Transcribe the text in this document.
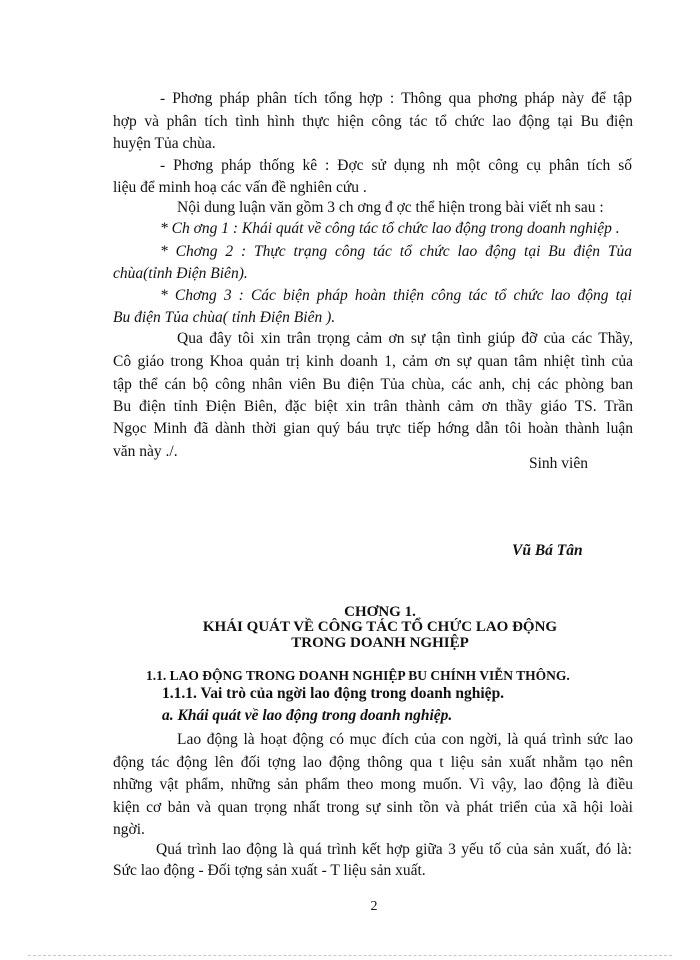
- Phơng pháp phân tích tổng hợp : Thông qua phơng pháp này để tập
hợp và phân tích tình hình thực hiện công tác tổ chức lao động tại Bu điện
huyện Tủa chùa.
- Phơng pháp thống kê : Đợc sử dụng nh một công cụ phân tích số
liệu để minh hoạ các vấn đề nghiên cứu .
Nội dung luận văn gồm 3 ch ơng đ ợc thể hiện trong bài viết nh sau :
* Ch ơng 1 : Khái quát về công tác tổ chức lao động trong doanh nghiệp .
* Chơng 2 : Thực trạng công tác tổ chức lao động tại Bu điện Tủa
chùa(tỉnh Điện Biên).
* Chơng 3 : Các biện pháp hoàn thiện công tác tổ chức lao động tại
Bu điện Tủa chùa( tỉnh Điện Biên ).
Qua đây tôi xin trân trọng cảm ơn sự tận tình giúp đỡ của các Thầy,
Cô giáo trong Khoa quản trị kinh doanh 1, cảm ơn sự quan tâm nhiệt tình của
tập thể cán bộ công nhân viên Bu điện Tủa chùa, các anh, chị các phòng ban
Bu điện tỉnh Điện Biên, đặc biệt xin trân thành cảm ơn thầy giáo TS. Trần
Ngọc Minh đã dành thời gian quý báu trực tiếp hớng dẫn tôi hoàn thành luận
văn này ./.
Sinh viên
Vũ Bá Tân
CHƠNG 1.
KHÁI QUÁT VỀ CÔNG TÁC TỔ CHỨC LAO ĐỘNG
TRONG DOANH NGHIỆP
1.1. LAO ĐỘNG TRONG DOANH NGHIỆP BU CHÍNH VIỄN THÔNG.
1.1.1. Vai trò của ngời lao động trong doanh nghiệp.
a. Khái quát về lao động trong doanh nghiệp.
Lao động là hoạt động có mục đích của con ngời, là quá trình sức lao
động tác động lên đối tợng lao động thông qua t liệu sản xuất nhằm tạo nên
những vật phẩm, những sản phẩm theo mong muốn. Vì vậy, lao động là điều
kiện cơ bản và quan trọng nhất trong sự sinh tồn và phát triển của xã hội loài
ngời.
Quá trình lao động là quá trình kết hợp giữa 3 yếu tố của sản xuất, đó là:
Sức lao động - Đối tợng sản xuất - T liệu sản xuất.
2
